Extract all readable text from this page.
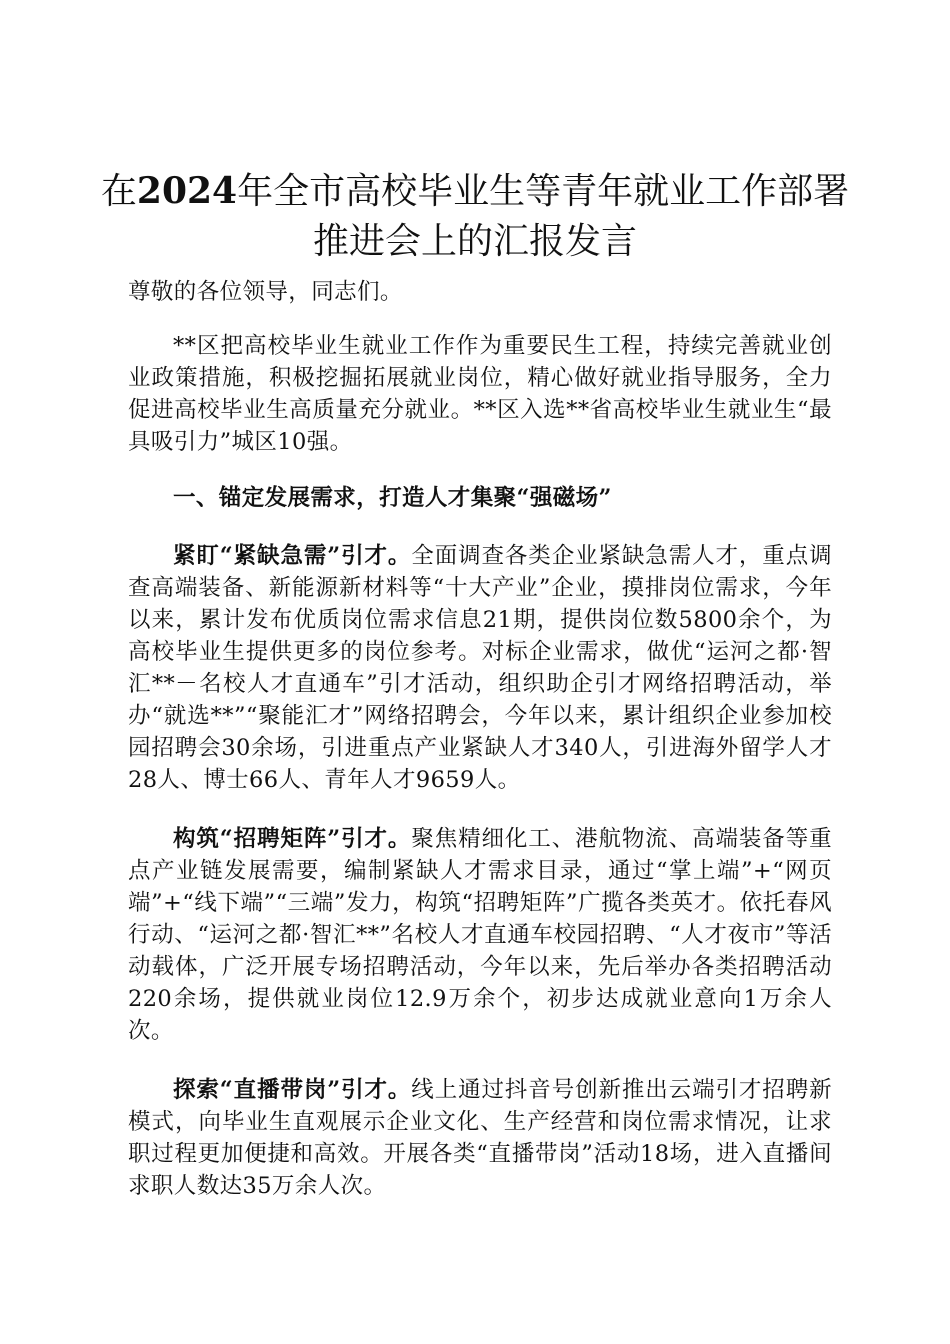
在2024年全市高校毕业生等青年就业工作部署推进会上的汇报发言

尊敬的各位领导，同志们。

**区把高校毕业生就业工作作为重要民生工程，持续完善就业创业政策措施，积极挖掘拓展就业岗位，精心做好就业指导服务，全力促进高校毕业生高质量充分就业。**区入选**省高校毕业生就业生“最具吸引力”城区10强。

一、锚定发展需求，打造人才集聚“强磁场”

紧盯“紧缺急需”引才。全面调查各类企业紧缺急需人才，重点调查高端装备、新能源新材料等“十大产业”企业，摸排岗位需求，今年以来，累计发布优质岗位需求信息21期，提供岗位数5800余个，为高校毕业生提供更多的岗位参考。对标企业需求，做优“运河之都·智汇**－名校人才直通车”引才活动，组织助企引才网络招聘活动，举办“就选**”“聚能汇才”网络招聘会，今年以来，累计组织企业参加校园招聘会30余场，引进重点产业紧缺人才340人，引进海外留学人才28人、博士66人、青年人才9659人。

构筑“招聘矩阵”引才。聚焦精细化工、港航物流、高端装备等重点产业链发展需要，编制紧缺人才需求目录，通过“掌上端”+“网页端”+“线下端”“三端”发力，构筑“招聘矩阵”广揽各类英才。依托春风行动、“运河之都·智汇**”名校人才直通车校园招聘、“人才夜市”等活动载体，广泛开展专场招聘活动，今年以来，先后举办各类招聘活动220余场，提供就业岗位12.9万余个，初步达成就业意向1万余人次。

探索“直播带岗”引才。线上通过抖音号创新推出云端引才招聘新模式，向毕业生直观展示企业文化、生产经营和岗位需求情况，让求职过程更加便捷和高效。开展各类“直播带岗”活动18场，进入直播间求职人数达35万余人次。
